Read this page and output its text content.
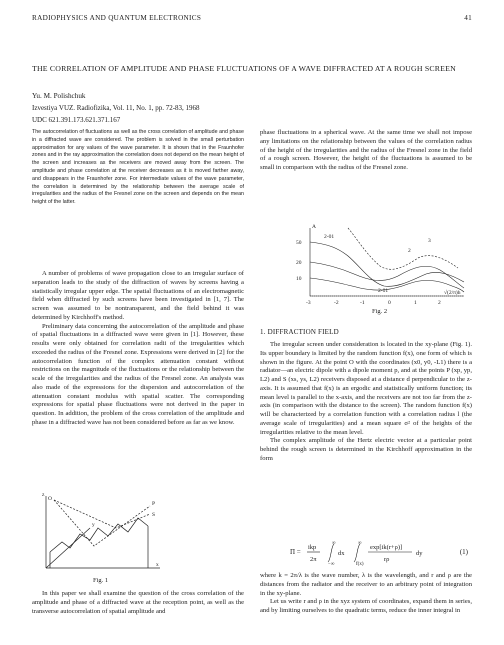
RADIOPHYSICS AND QUANTUM ELECTRONICS	41
THE CORRELATION OF AMPLITUDE AND PHASE FLUCTUATIONS OF A WAVE DIFFRACTED AT A ROUGH SCREEN
Yu. M. Polishchuk
Izvestiya VUZ. Radiofizika, Vol. 11, No. 1, pp. 72-83, 1968
UDC 621.391.173.621.371.167
The autocorrelation of fluctuations as well as the cross correlation of amplitude and phase in a diffracted wave are considered. The problem is solved in the small perturbation approximation for any values of the wave parameter. It is shown that in the Fraunhofer zones and in the ray approximation the correlation does not depend on the mean height of the screen and increases as the receivers are moved away from the screen. The amplitude and phase correlation at the receiver decreases as it is moved farther away, and disappears in the Fraunhofer zone. For intermediate values of the wave parameter, the correlation is determined by the relationship between the average scale of irregularities and the radius of the Fresnel zone on the screen and depends on the mean height of the latter.

A number of problems of wave propagation close to an irregular surface of separation leads to the study of the diffraction of waves by screens having a statistically irregular upper edge. The spatial fluctuations of an electromagnetic field when diffracted by such screens have been investigated in [1, 7]. The screen was assumed to be nontransparent, and the field behind it was determined by Kirchhoff's method.

Preliminary data concerning the autocorrelation of the amplitude and phase of spatial fluctuations in a diffracted wave were given in [1]. However, these results were only obtained for correlation radii of the irregularities which exceeded the radius of the Fresnel zone. Expressions were derived in [2] for the autocorrelation function of the complex attenuation constant without restrictions on the magnitude of the fluctuations or the relationship between the scale of the irregularities and the radius of the Fresnel zone. An analysis was also made of the expressions for the dispersion and autocorrelation of the attenuation constant modulus with spatial scatter. The corresponding expressions for spatial phase fluctuations were not derived in the paper in question. In addition, the problem of the cross correlation of the amplitude and phase in a diffracted wave has not been considered before as far as we know.

z
y
x
O
P
S
Fig. 1

In this paper we shall examine the question of the cross correlation of the amplitude and phase of a diffracted wave at the reception point, as well as the transverse autocorrelation of spatial amplitude and

phase fluctuations in a spherical wave. At the same time we shall not impose any limitations on the relationship between the values of the correlation radius of the height of the irregularities and the radius of the Fresnel zone in the field of a rough screen. However, the height of the fluctuations is assumed to be small in comparison with the radius of the Fresnel zone.

A
50
20
10
-3	-2	-1	0	1	2
√(2/π)h
2-01
2
3
2-01
Fig. 2
1. DIFFRACTION FIELD

The irregular screen under consideration is located in the xy-plane (Fig. 1). Its upper boundary is limited by the random function f(x), one form of which is shown in the figure. At the point O with the coordinates (x0, y0, -L1) there is a radiator—an electric dipole with a dipole moment p, and at the points P (xp, yp, L2) and S (xs, ys, L2) receivers disposed at a distance d perpendicular to the z-axis. It is assumed that f(x) is an ergodic and statistically uniform function; its mean level is parallel to the x-axis, and the receivers are not too far from the z-axis (in comparison with the distance to the screen). The random function f(x) will be characterized by a correlation function with a correlation radius l (the average scale of irregularities) and a mean square σ² of the heights of the irregularities relative to the mean level.

The complex amplitude of the Hertz electric vector at a particular point behind the rough screen is determined in the Kirchhoff approximation in the form

Π =
ikp
2π
∞
−∞
dx
∞
f(x)
exp[ik(r+ρ)]
rρ
dy	(1)

where k = 2π/λ is the wave number, λ is the wavelength, and r and ρ are the distances from the radiator and the receiver to an arbitrary point of integration in the xy-plane.

Let us write r and ρ in the xyz system of coordinates, expand them in series, and by limiting ourselves to the quadratic terms, reduce the inner integral in
